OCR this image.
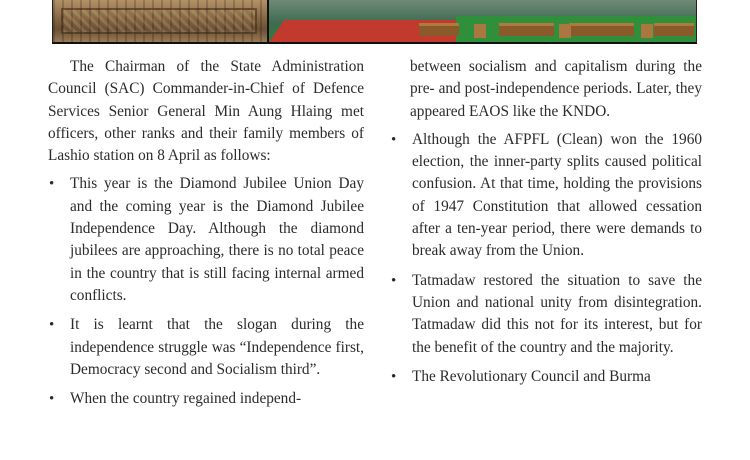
The Chairman of the State Administration Council (SAC) Commander-in-Chief of Defence Services Senior General Min Aung Hlaing met officers, other ranks and their family members of Lashio station on 8 April as follows:

• This year is the Diamond Jubilee Union Day and the coming year is the Diamond Jubilee Independence Day. Although the diamond jubilees are approaching, there is no total peace in the country that is still facing internal armed conflicts.
• It is learnt that the slogan during the independence struggle was “Independence first, Democracy second and Socialism third”.
• When the country regained independ-

between socialism and capitalism during the pre- and post-independence periods. Later, they appeared EAOS like the KNDO.

• Although the AFPFL (Clean) won the 1960 election, the inner-party splits caused political confusion. At that time, holding the provisions of 1947 Constitution that allowed cessation after a ten-year period, there were demands to break away from the Union.
• Tatmadaw restored the situation to save the Union and national unity from disintegration. Tatmadaw did this not for its interest, but for the benefit of the country and the majority.
• The Revolutionary Council and Burma
